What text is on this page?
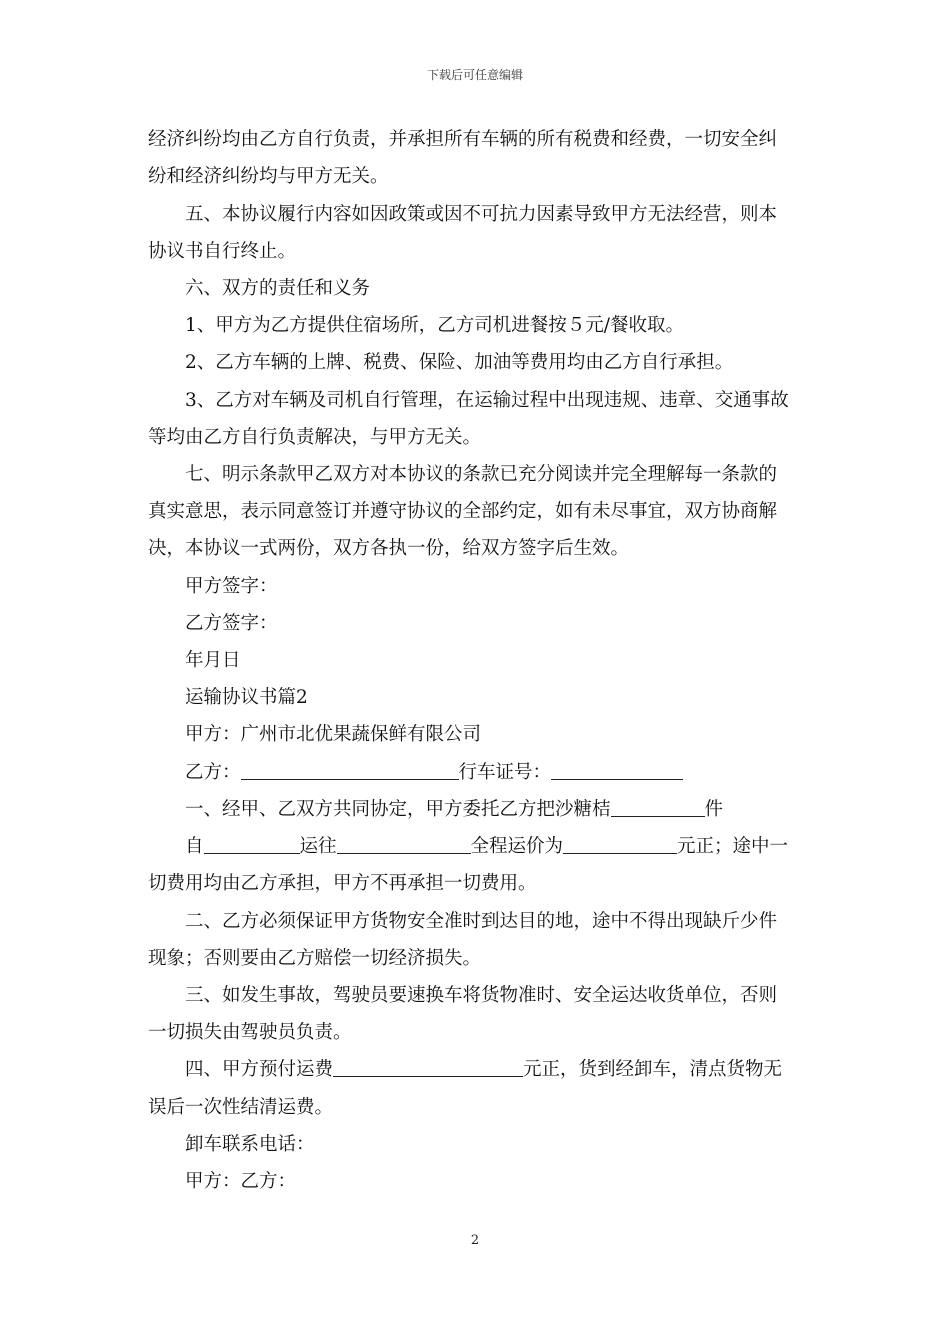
下载后可任意编辑
经济纠纷均由乙方自行负责，并承担所有车辆的所有税费和经费，一切安全纠
纷和经济纠纷均与甲方无关。
五、本协议履行内容如因政策或因不可抗力因素导致甲方无法经营，则本
协议书自行终止。
六、双方的责任和义务
1、甲方为乙方提供住宿场所，乙方司机进餐按５元/餐收取。
2、乙方车辆的上牌、税费、保险、加油等费用均由乙方自行承担。
3、乙方对车辆及司机自行管理，在运输过程中出现违规、违章、交通事故
等均由乙方自行负责解决，与甲方无关。
七、明示条款甲乙双方对本协议的条款已充分阅读并完全理解每一条款的
真实意思，表示同意签订并遵守协议的全部约定，如有未尽事宜，双方协商解
决，本协议一式两份，双方各执一份，给双方签字后生效。
甲方签字：
乙方签字：
年月日
运输协议书篇2
甲方：广州市北优果蔬保鲜有限公司
乙方：	行车证号：
一、经甲、乙双方共同协定，甲方委托乙方把沙糖桔	件
自	运往	全程运价为	元正；途中一
切费用均由乙方承担，甲方不再承担一切费用。
二、乙方必须保证甲方货物安全准时到达目的地，途中不得出现缺斤少件
现象；否则要由乙方赔偿一切经济损失。
三、如发生事故，驾驶员要速换车将货物准时、安全运达收货单位，否则
一切损失由驾驶员负责。
四、甲方预付运费	元正，货到经卸车，清点货物无
误后一次性结清运费。
卸车联系电话：
甲方：乙方：
2
